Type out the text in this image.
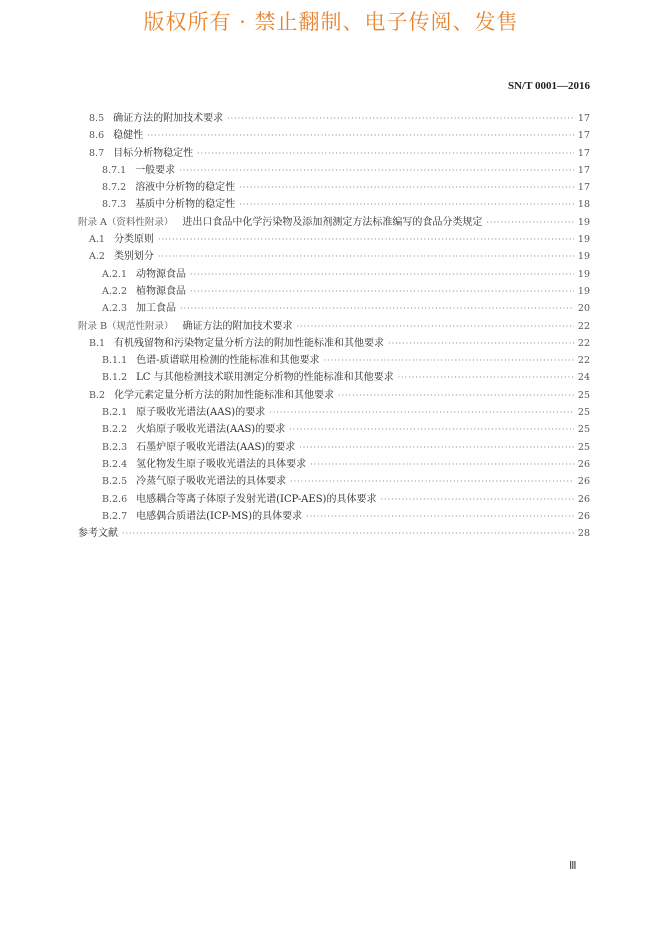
版权所有 · 禁止翻制、电子传阅、发售
SN/T 0001—2016
8.5 确证方法的附加技术要求 ·····	17
8.6 稳健性 ·····	17
8.7 目标分析物稳定性 ·····	17
8.7.1 一般要求 ·····	17
8.7.2 溶液中分析物的稳定性 ·····	17
8.7.3 基质中分析物的稳定性 ·····	18
附录 A（资料性附录） 进出口食品中化学污染物及添加剂测定方法标准编写的食品分类规定 ·····	19
A.1 分类原则 ·····	19
A.2 类别划分 ·····	19
A.2.1 动物源食品 ·····	19
A.2.2 植物源食品 ·····	19
A.2.3 加工食品 ·····	20
附录 B（规范性附录） 确证方法的附加技术要求 ·····	22
B.1 有机残留物和污染物定量分析方法的附加性能标准和其他要求 ·····	22
B.1.1 色谱-质谱联用检测的性能标准和其他要求 ·····	22
B.1.2 LC 与其他检测技术联用测定分析物的性能标准和其他要求 ·····	24
B.2 化学元素定量分析方法的附加性能标准和其他要求 ·····	25
B.2.1 原子吸收光谱法(AAS)的要求 ·····	25
B.2.2 火焰原子吸收光谱法(AAS)的要求 ·····	25
B.2.3 石墨炉原子吸收光谱法(AAS)的要求 ·····	25
B.2.4 氢化物发生原子吸收光谱法的具体要求 ·····	26
B.2.5 冷蒸气原子吸收光谱法的具体要求 ·····	26
B.2.6 电感耦合等离子体原子发射光谱(ICP-AES)的具体要求 ·····	26
B.2.7 电感偶合质谱法(ICP-MS)的具体要求 ·····	26
参考文献 ·····	28
Ⅲ
